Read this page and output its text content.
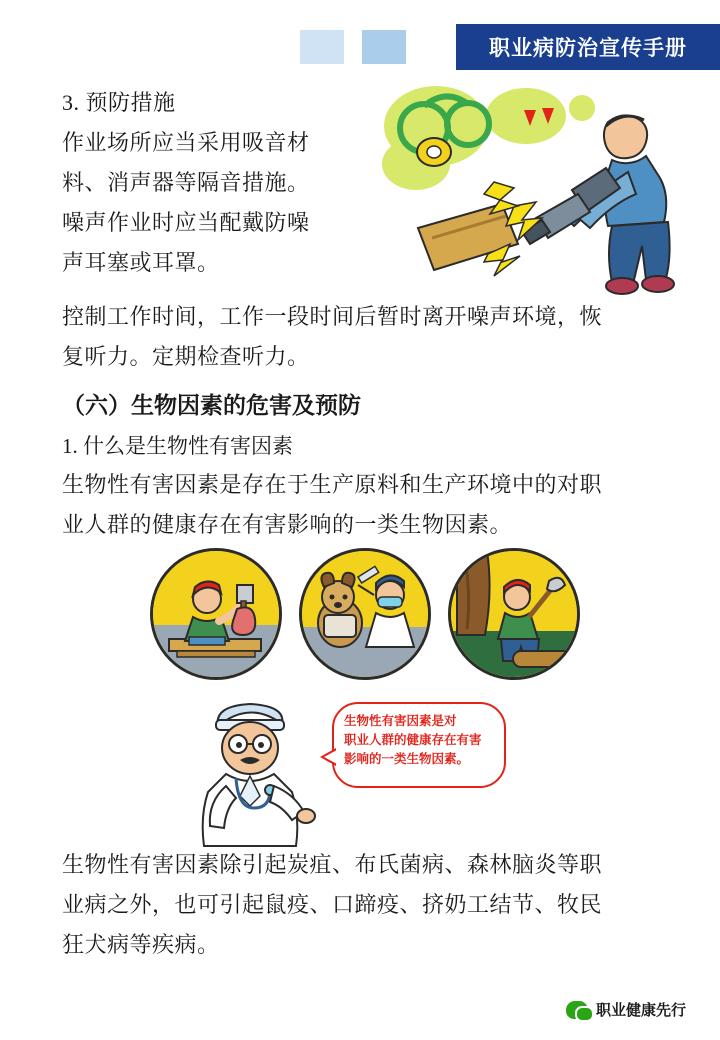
职业病防治宣传手册

3. 预防措施

作业场所应当采用吸音材

料、消声器等隔音措施。

噪声作业时应当配戴防噪

声耳塞或耳罩。

控制工作时间，工作一段时间后暂时离开噪声环境，恢

复听力。定期检查听力。

（六）生物因素的危害及预防

1. 什么是生物性有害因素

生物性有害因素是存在于生产原料和生产环境中的对职

业人群的健康存在有害影响的一类生物因素。

生物性有害因素是对
职业人群的健康存在有害
影响的一类生物因素。

生物性有害因素除引起炭疽、布氏菌病、森林脑炎等职

业病之外，也可引起鼠疫、口蹄疫、挤奶工结节、牧民

狂犬病等疾病。

职业健康先行
